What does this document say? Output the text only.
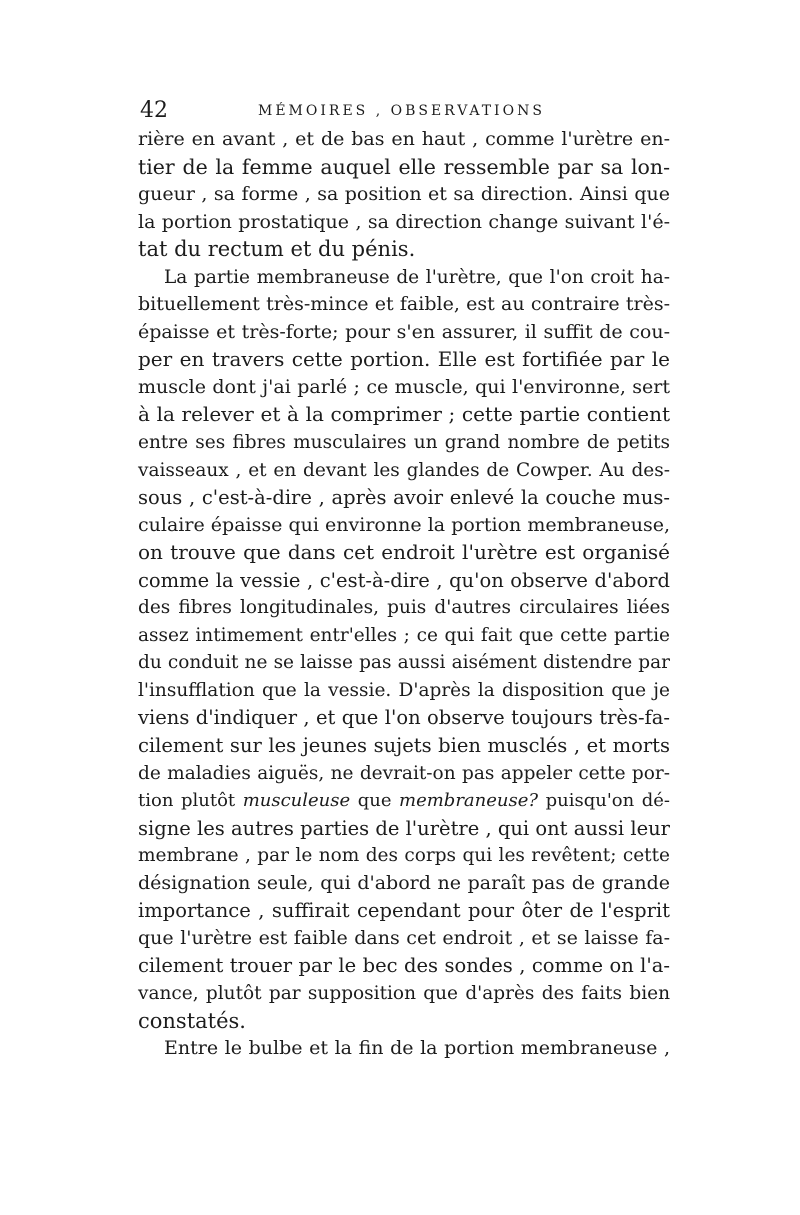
42	MÉMOIRES , OBSERVATIONS
rière en avant , et de bas en haut , comme l'urètre en-
tier de la femme auquel elle ressemble par sa lon-
gueur , sa forme , sa position et sa direction. Ainsi que
la portion prostatique , sa direction change suivant l'é-
tat du rectum et du pénis.
La partie membraneuse de l'urètre, que l'on croit ha-
bituellement très-mince et faible, est au contraire très-
épaisse et très-forte; pour s'en assurer, il suffit de cou-
per en travers cette portion. Elle est fortifiée par le
muscle dont j'ai parlé ; ce muscle, qui l'environne, sert
à la relever et à la comprimer ; cette partie contient
entre ses fibres musculaires un grand nombre de petits
vaisseaux , et en devant les glandes de Cowper. Au des-
sous , c'est-à-dire , après avoir enlevé la couche mus-
culaire épaisse qui environne la portion membraneuse,
on trouve que dans cet endroit l'urètre est organisé
comme la vessie , c'est-à-dire , qu'on observe d'abord
des fibres longitudinales, puis d'autres circulaires liées
assez intimement entr'elles ; ce qui fait que cette partie
du conduit ne se laisse pas aussi aisément distendre par
l'insufflation que la vessie. D'après la disposition que je
viens d'indiquer , et que l'on observe toujours très-fa-
cilement sur les jeunes sujets bien musclés , et morts
de maladies aiguës, ne devrait-on pas appeler cette por-
tion plutôt musculeuse que membraneuse? puisqu'on dé-
signe les autres parties de l'urètre , qui ont aussi leur
membrane , par le nom des corps qui les revêtent; cette
désignation seule, qui d'abord ne paraît pas de grande
importance , suffirait cependant pour ôter de l'esprit
que l'urètre est faible dans cet endroit , et se laisse fa-
cilement trouer par le bec des sondes , comme on l'a-
vance, plutôt par supposition que d'après des faits bien
constatés.
Entre le bulbe et la fin de la portion membraneuse ,
